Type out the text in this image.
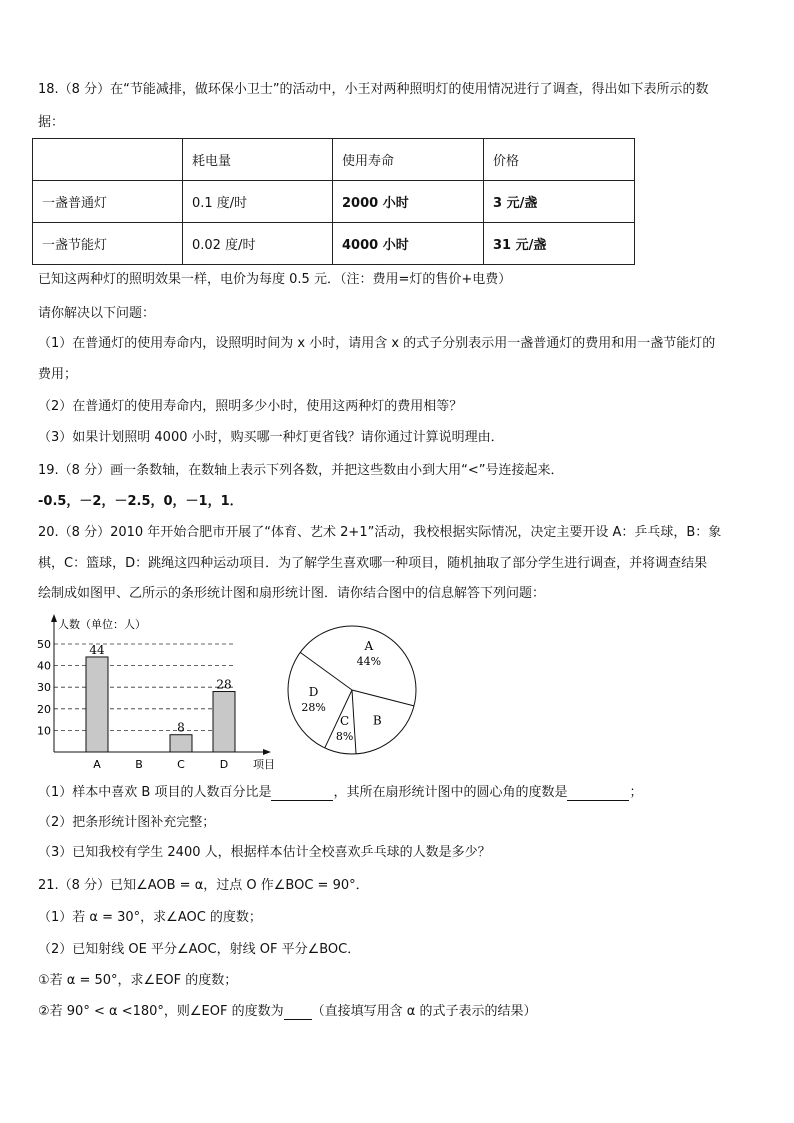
18.（8 分）在“节能减排，做环保小卫士”的活动中，小王对两种照明灯的使用情况进行了调查，得出如下表所示的数
据：
	耗电量	使用寿命	价格
一盏普通灯	0.1 度/时	2000 小时	3 元/盏
一盏节能灯	0.02 度/时	4000 小时	31 元/盏
已知这两种灯的照明效果一样，电价为每度 0.5 元．（注：费用=灯的售价+电费）
请你解决以下问题：
（1）在普通灯的使用寿命内，设照明时间为 x 小时，请用含 x 的式子分别表示用一盏普通灯的费用和用一盏节能灯的
费用；
（2）在普通灯的使用寿命内，照明多少小时，使用这两种灯的费用相等？
（3）如果计划照明 4000 小时，购买哪一种灯更省钱？请你通过计算说明理由．
19.（8 分）画一条数轴，在数轴上表示下列各数，并把这些数由小到大用“<”号连接起来．
-0.5，－2，－2.5，0，－1，1．
20.（8 分）2010 年开始合肥市开展了“体育、艺术 2+1”活动，我校根据实际情况，决定主要开设 A：乒乓球，B：象
棋，C：篮球，D：跳绳这四种运动项目．为了解学生喜欢哪一种项目，随机抽取了部分学生进行调查，并将调查结果
绘制成如图甲、乙所示的条形统计图和扇形统计图．请你结合图中的信息解答下列问题：
10
20
30
40
50
人数（单位：人）
项目
A
44
B	C
8
D
28
A
44%
B
C
8%
D
28%
（1）样本中喜欢 B 项目的人数百分比是	，其所在扇形统计图中的圆心角的度数是	；
（2）把条形统计图补充完整；
（3）已知我校有学生 2400 人，根据样本估计全校喜欢乒乓球的人数是多少？
21.（8 分）已知∠AOB = α，过点 O 作∠BOC = 90°．
（1）若 α = 30°，求∠AOC 的度数；
（2）已知射线 OE 平分∠AOC，射线 OF 平分∠BOC．
①若 α = 50°，求∠EOF 的度数；
②若 90° < α <180°，则∠EOF 的度数为 （直接填写用含 α 的式子表示的结果）
